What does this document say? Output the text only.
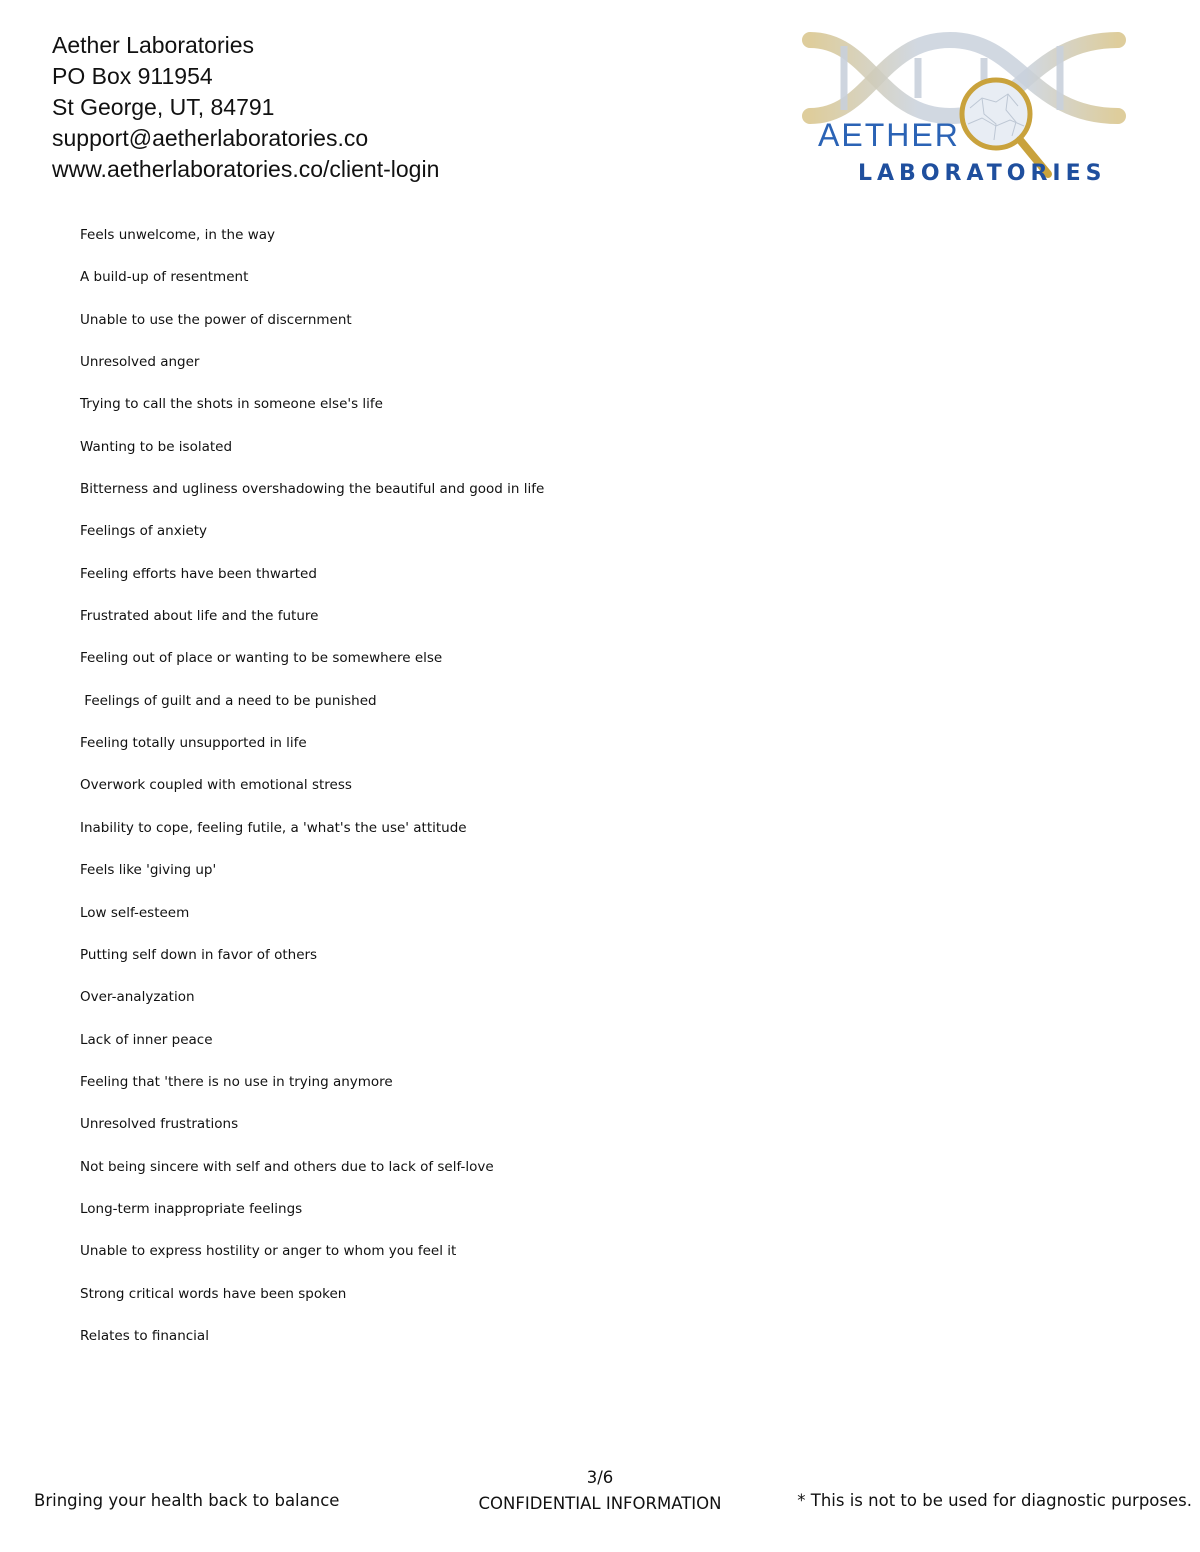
Aether Laboratories
PO Box 911954
St George, UT, 84791
support@aetherlaboratories.co
www.aetherlaboratories.co/client-login
AETHER
LABORATORIES
Feels unwelcome, in the way
A build-up of resentment
Unable to use the power of discernment
Unresolved anger
Trying to call the shots in someone else's life
Wanting to be isolated
Bitterness and ugliness overshadowing the beautiful and good in life
Feelings of anxiety
Feeling efforts have been thwarted
Frustrated about life and the future
Feeling out of place or wanting to be somewhere else
Feelings of guilt and a need to be punished
Feeling totally unsupported in life
Overwork coupled with emotional stress
Inability to cope, feeling futile, a 'what's the use' attitude
Feels like 'giving up'
Low self-esteem
Putting self down in favor of others
Over-analyzation
Lack of inner peace
Feeling that 'there is no use in trying anymore
Unresolved frustrations
Not being sincere with self and others due to lack of self-love
Long-term inappropriate feelings
Unable to express hostility or anger to whom you feel it
Strong critical words have been spoken
Relates to financial
Bringing your health back to balance
3/6
CONFIDENTIAL INFORMATION	* This is not to be used for diagnostic purposes.
